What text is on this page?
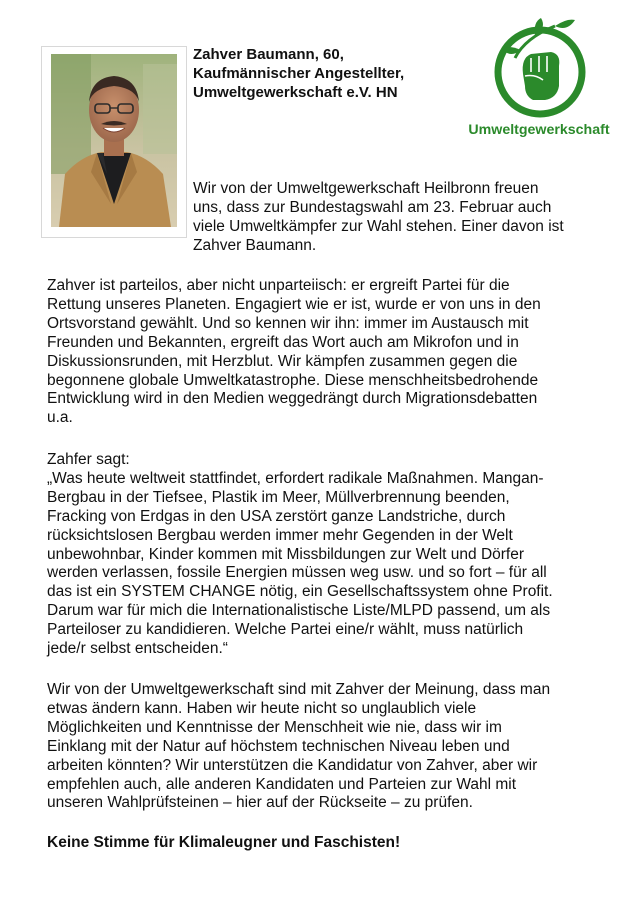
Zahver Baumann, 60,
Kaufmännischer Angestellter,
Umweltgewerkschaft e.V. HN
Umweltgewerkschaft
Wir von der Umweltgewerkschaft Heilbronn freuen
uns, dass zur Bundestagswahl am 23. Februar auch
viele Umweltkämpfer zur Wahl stehen. Einer davon ist
Zahver Baumann.
Zahver ist parteilos, aber nicht unparteiisch: er ergreift Partei für die
Rettung unseres Planeten. Engagiert wie er ist, wurde er von uns in den
Ortsvorstand gewählt. Und so kennen wir ihn: immer im Austausch mit
Freunden und Bekannten, ergreift das Wort auch am Mikrofon und in
Diskussionsrunden, mit Herzblut. Wir kämpfen zusammen gegen die
begonnene globale Umweltkatastrophe. Diese menschheitsbedrohende
Entwicklung wird in den Medien weggedrängt durch Migrationsdebatten
u.a.
Zahfer sagt:
„Was heute weltweit stattfindet, erfordert radikale Maßnahmen. Mangan-
Bergbau in der Tiefsee, Plastik im Meer, Müllverbrennung beenden,
Fracking von Erdgas in den USA zerstört ganze Landstriche, durch
rücksichtslosen Bergbau werden immer mehr Gegenden in der Welt
unbewohnbar, Kinder kommen mit Missbildungen zur Welt und Dörfer
werden verlassen, fossile Energien müssen weg usw. und so fort – für all
das ist ein SYSTEM CHANGE nötig, ein Gesellschaftssystem ohne Profit.
Darum war für mich die Internationalistische Liste/MLPD passend, um als
Parteiloser zu kandidieren. Welche Partei eine/r wählt, muss natürlich
jede/r selbst entscheiden.“
Wir von der Umweltgewerkschaft sind mit Zahver der Meinung, dass man
etwas ändern kann. Haben wir heute nicht so unglaublich viele
Möglichkeiten und Kenntnisse der Menschheit wie nie, dass wir im
Einklang mit der Natur auf höchstem technischen Niveau leben und
arbeiten könnten? Wir unterstützen die Kandidatur von Zahver, aber wir
empfehlen auch, alle anderen Kandidaten und Parteien zur Wahl mit
unseren Wahlprüfsteinen – hier auf der Rückseite – zu prüfen.
Keine Stimme für Klimaleugner und Faschisten!
